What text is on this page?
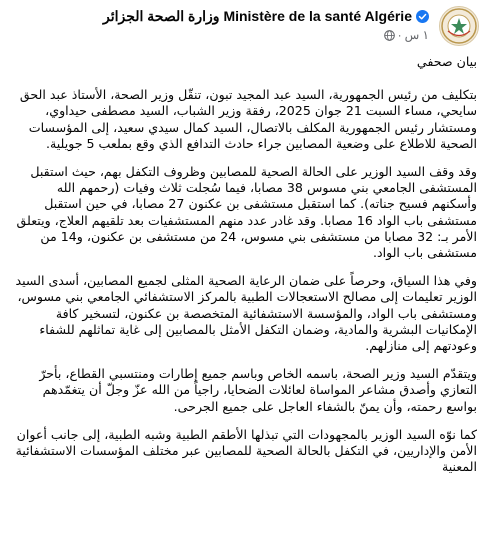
Ministère de la santé Algérie وزارة الصحة الجزائر
١ س·

بيان صحفي

بتكليف من رئيس الجمهورية، السيد عبد المجيد تبون، تنقّل وزير الصحة، الأستاذ عبد الحق سايحي، مساء السبت 21 جوان 2025، رفقة وزير الشباب، السيد مصطفى حيداوي، ومستشار رئيس الجمهورية المكلف بالاتصال، السيد كمال سيدي سعيد، إلى المؤسسات الصحية للاطلاع على وضعية المصابين جراء حادث التدافع الذي وقع بملعب 5 جويلية.

وقد وقف السيد الوزير على الحالة الصحية للمصابين وظروف التكفل بهم، حيث استقبل المستشفى الجامعي بني مسوس 38 مصابا، فيما سُجلت ثلاث وفيات (رحمهم الله وأسكنهم فسيح جناته). كما استقبل مستشفى بن عكنون 27 مصابا، في حين استقبل مستشفى باب الواد 16 مصابا. وقد غادر عدد منهم المستشفيات بعد تلقيهم العلاج، ويتعلق الأمر بـ: 32 مصابا من مستشفى بني مسوس، 24 من مستشفى بن عكنون، و14 من مستشفى باب الواد.

وفي هذا السياق، وحرصاً على ضمان الرعاية الصحية المثلى لجميع المصابين، أسدى السيد الوزير تعليمات إلى مصالح الاستعجالات الطبية بالمركز الاستشفائي الجامعي بني مسوس، ومستشفى باب الواد، والمؤسسة الاستشفائية المتخصصة بن عكنون، لتسخير كافة الإمكانيات البشرية والمادية، وضمان التكفل الأمثل بالمصابين إلى غاية تماثلهم للشفاء وعودتهم إلى منازلهم.

ويتقدّم السيد وزير الصحة، باسمه الخاص وباسم جميع إطارات ومنتسبي القطاع، بأحرّ التعازي وأصدق مشاعر المواساة لعائلات الضحايا، راجياً من الله عزّ وجلّ أن يتغمّدهم بواسع رحمته، وأن يمنّ بالشفاء العاجل على جميع الجرحى.

كما نوّه السيد الوزير بالمجهودات التي تبذلها الأطقم الطبية وشبه الطبية، إلى جانب أعوان الأمن والإداريين، في التكفل بالحالة الصحية للمصابين عبر مختلف المؤسسات الاستشفائية المعنية
